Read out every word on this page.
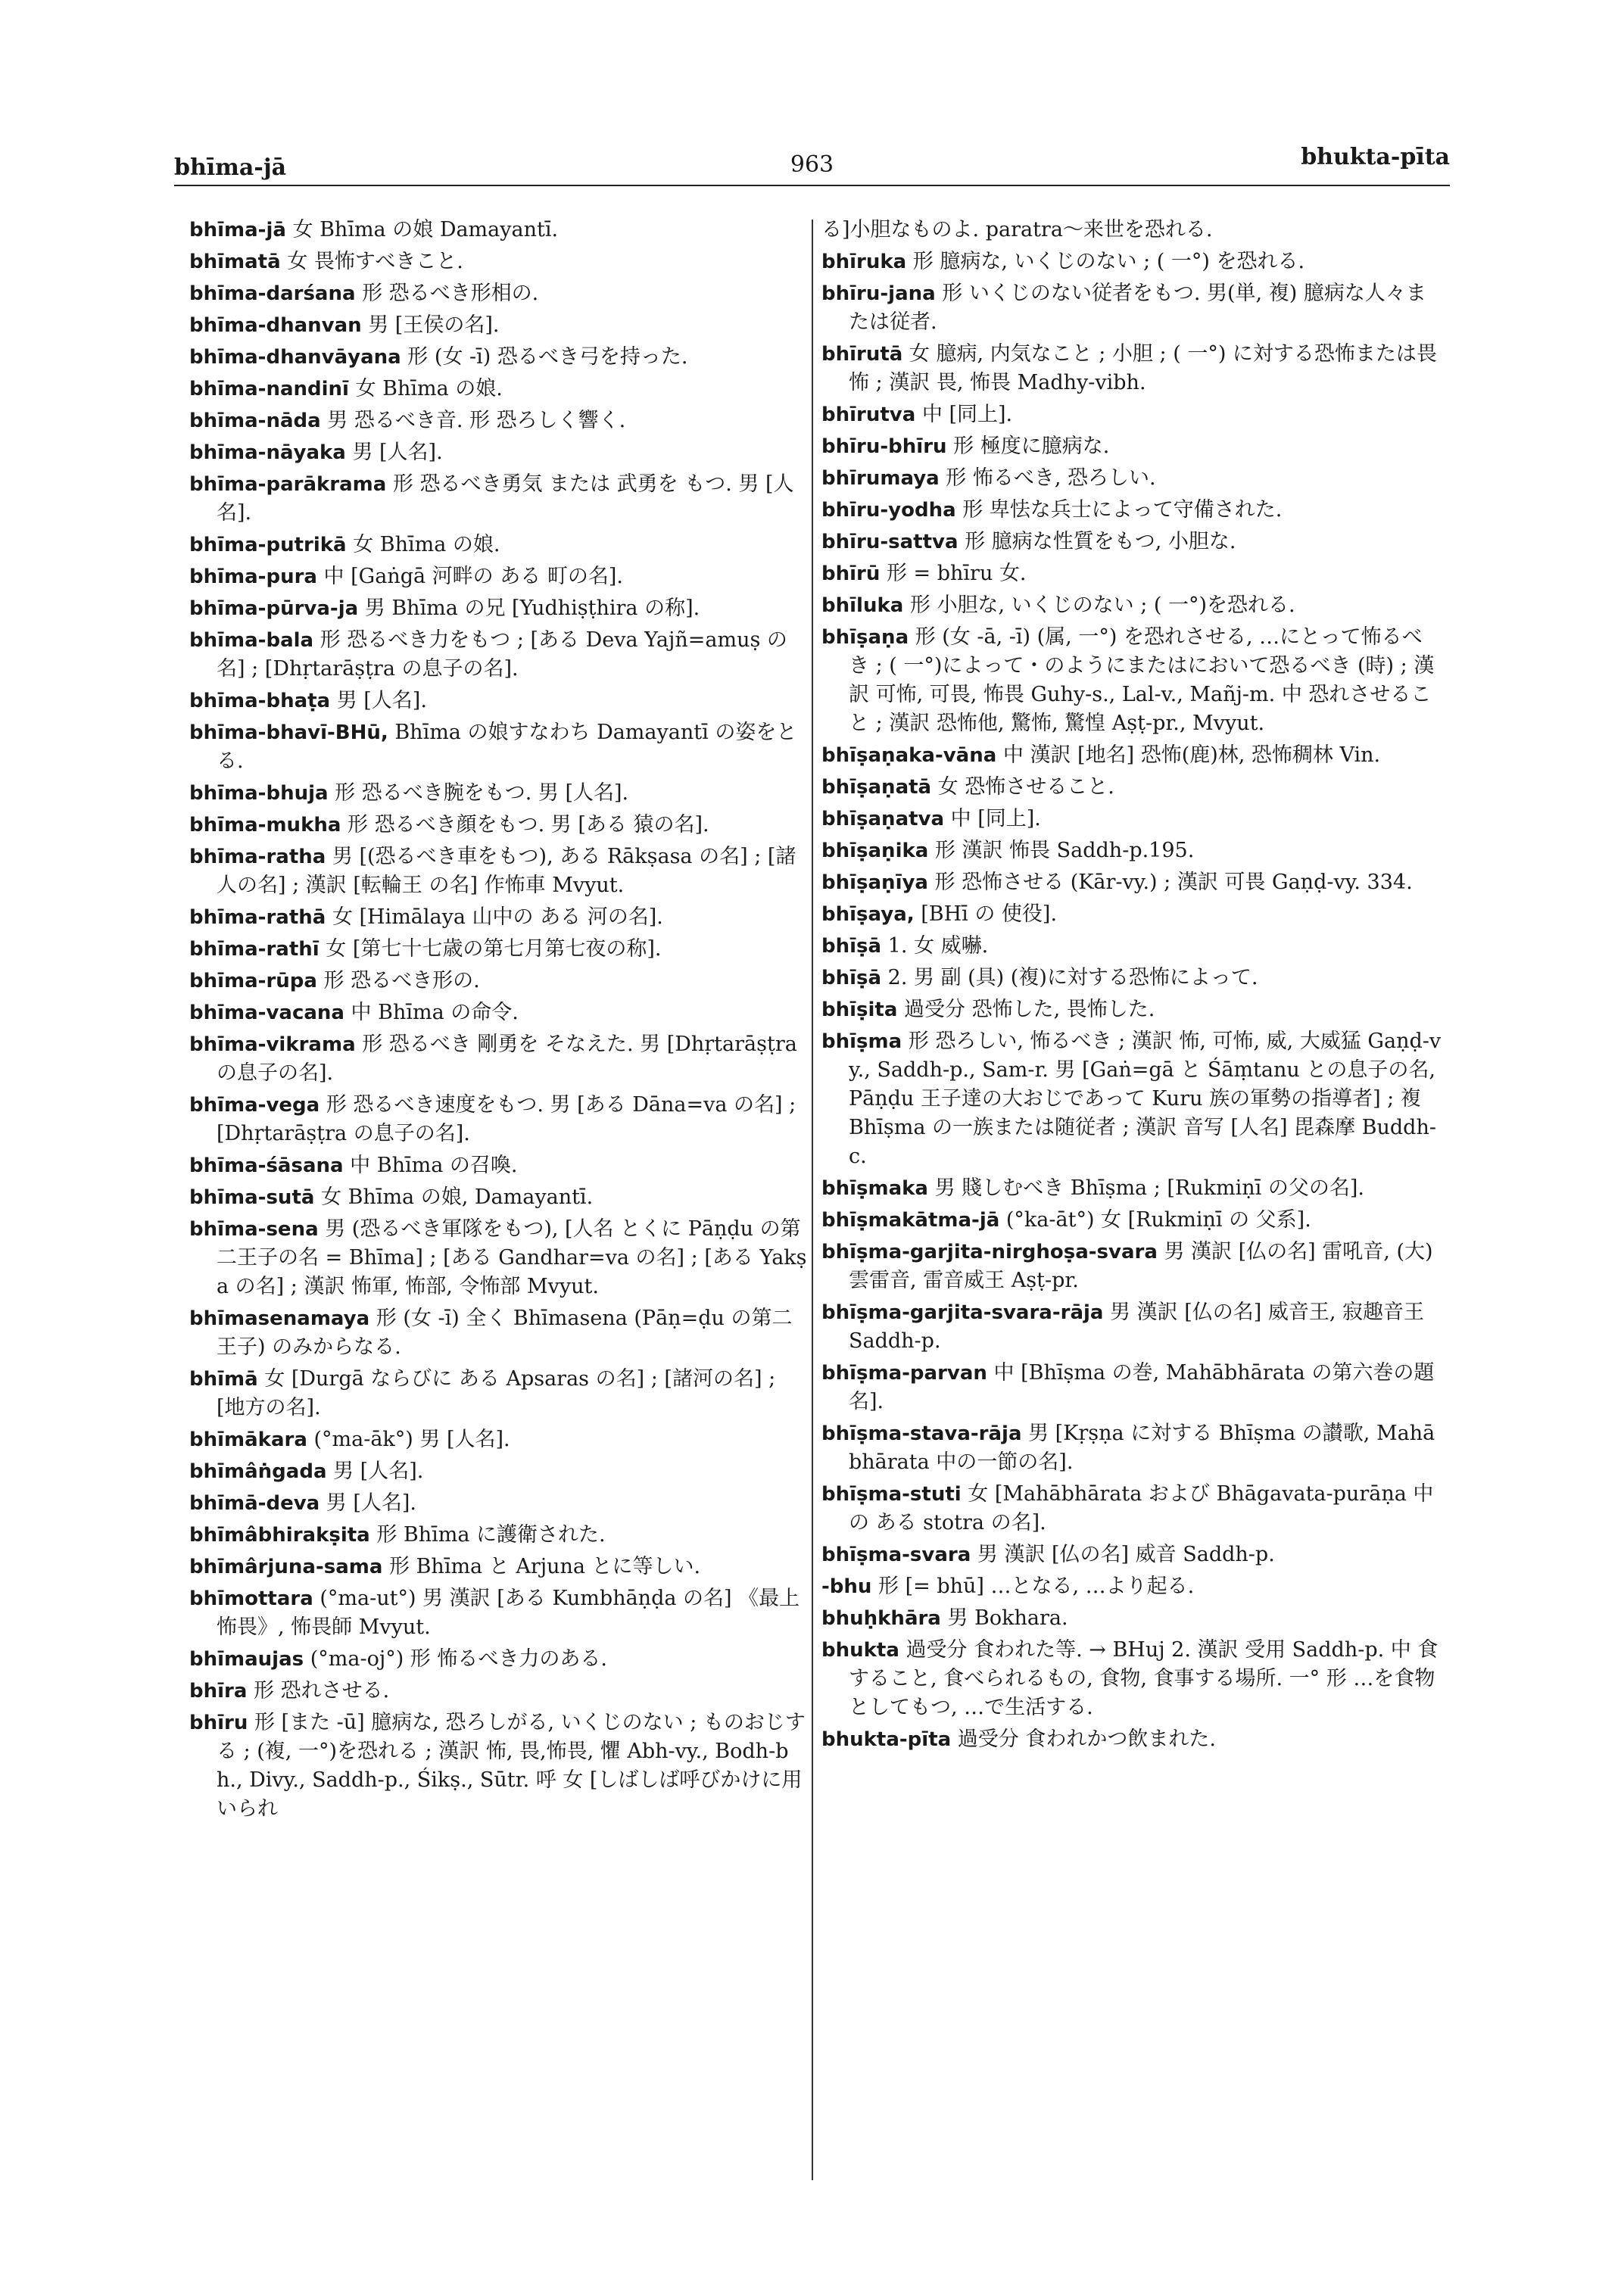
bhīma-jā	963	bhukta-pīta

bhīma-jā 女 Bhīma の娘 Damayantī.

bhīmatā 女 畏怖すべきこと.

bhīma-darśana 形 恐るべき形相の.

bhīma-dhanvan 男 [王侯の名].

bhīma-dhanvāyana 形 (女 -ī) 恐るべき弓を持った.

bhīma-nandinī 女 Bhīma の娘.

bhīma-nāda 男 恐るべき音. 形 恐ろしく響く.

bhīma-nāyaka 男 [人名].

bhīma-parākrama 形 恐るべき勇気 または 武勇を もつ. 男 [人名].

bhīma-putrikā 女 Bhīma の娘.

bhīma-pura 中 [Gaṅgā 河畔の ある 町の名].

bhīma-pūrva-ja 男 Bhīma の兄 [Yudhiṣṭhira の称].

bhīma-bala 形 恐るべき力をもつ ; [ある Deva Yajñ=amuṣ の名] ; [Dhṛtarāṣṭra の息子の名].

bhīma-bhaṭa 男 [人名].

bhīma-bhavī-BHū, Bhīma の娘すなわち Damayantī の姿をとる.

bhīma-bhuja 形 恐るべき腕をもつ. 男 [人名].

bhīma-mukha 形 恐るべき顔をもつ. 男 [ある 猿の名].

bhīma-ratha 男 [(恐るべき車をもつ), ある Rākṣasa の名] ; [諸人の名] ; 漢訳 [転輪王 の名] 作怖車 Mvyut.

bhīma-rathā 女 [Himālaya 山中の ある 河の名].

bhīma-rathī 女 [第七十七歳の第七月第七夜の称].

bhīma-rūpa 形 恐るべき形の.

bhīma-vacana 中 Bhīma の命令.

bhīma-vikrama 形 恐るべき 剛勇を そなえた. 男 [Dhṛtarāṣṭra の息子の名].

bhīma-vega 形 恐るべき速度をもつ. 男 [ある Dāna=va の名] ; [Dhṛtarāṣṭra の息子の名].

bhīma-śāsana 中 Bhīma の召喚.

bhīma-sutā 女 Bhīma の娘, Damayantī.

bhīma-sena 男 (恐るべき軍隊をもつ), [人名 とくに Pāṇḍu の第二王子の名 = Bhīma] ; [ある Gandhar=va の名] ; [ある Yakṣa の名] ; 漢訳 怖軍, 怖部, 令怖部 Mvyut.

bhīmasenamaya 形 (女 -ī) 全く Bhīmasena (Pāṇ=ḍu の第二王子) のみからなる.

bhīmā 女 [Durgā ならびに ある Apsaras の名] ; [諸河の名] ; [地方の名].

bhīmākara (°ma-āk°) 男 [人名].

bhīmâṅgada 男 [人名].

bhīmā-deva 男 [人名].

bhīmâbhirakṣita 形 Bhīma に護衛された.

bhīmârjuna-sama 形 Bhīma と Arjuna とに等しい.

bhīmottara (°ma-ut°) 男 漢訳 [ある Kumbhāṇḍa の名] 《最上怖畏》, 怖畏師 Mvyut.

bhīmaujas (°ma-oj°) 形 怖るべき力のある.

bhīra 形 恐れさせる.

bhīru 形 [また -ū] 臆病な, 恐ろしがる, いくじのない ; ものおじする ; (複, 一°)を恐れる ; 漢訳 怖, 畏,怖畏, 懼 Abh-vy., Bodh-bh., Divy., Saddh-p., Śikṣ., Sūtr. 呼 女 [しばしば呼びかけに用いられ

る]小胆なものよ. paratra～来世を恐れる.

bhīruka 形 臆病な, いくじのない ; ( 一°) を恐れる.

bhīru-jana 形 いくじのない従者をもつ. 男(単, 複) 臆病な人々または従者.

bhīrutā 女 臆病, 内気なこと ; 小胆 ; ( 一°) に対する恐怖または畏怖 ; 漢訳 畏, 怖畏 Madhy-vibh.

bhīrutva 中 [同上].

bhīru-bhīru 形 極度に臆病な.

bhīrumaya 形 怖るべき, 恐ろしい.

bhīru-yodha 形 卑怯な兵士によって守備された.

bhīru-sattva 形 臆病な性質をもつ, 小胆な.

bhīrū 形 = bhīru 女.

bhīluka 形 小胆な, いくじのない ; ( 一°)を恐れる.

bhīṣaṇa 形 (女 -ā, -ī) (属, 一°) を恐れさせる, …にとって怖るべき ; ( 一°)によって・のようにまたはにおいて恐るべき (時) ; 漢訳 可怖, 可畏, 怖畏 Guhy-s., Lal-v., Mañj-m. 中 恐れさせること ; 漢訳 恐怖他, 驚怖, 驚惶 Aṣṭ-pr., Mvyut.

bhīṣaṇaka-vāna 中 漢訳 [地名] 恐怖(鹿)林, 恐怖稠林 Vin.

bhīṣaṇatā 女 恐怖させること.

bhīṣaṇatva 中 [同上].

bhīṣaṇika 形 漢訳 怖畏 Saddh-p.195.

bhīṣaṇīya 形 恐怖させる (Kār-vy.) ; 漢訳 可畏 Gaṇḍ-vy. 334.

bhīṣaya, [BHī の 使役].

bhīṣā 1. 女 威嚇.

bhīṣā 2. 男 副 (具) (複)に対する恐怖によって.

bhīṣita 過受分 恐怖した, 畏怖した.

bhīṣma 形 恐ろしい, 怖るべき ; 漢訳 怖, 可怖, 威, 大威猛 Gaṇḍ-vy., Saddh-p., Sam-r. 男 [Gaṅ=gā と Śāṃtanu との息子の名, Pāṇḍu 王子達の大おじであって Kuru 族の軍勢の指導者] ; 複 Bhīṣma の一族または随従者 ; 漢訳 音写 [人名] 毘森摩 Buddh-c.

bhīṣmaka 男 賤しむべき Bhīṣma ; [Rukmiṇī の父の名].

bhīṣmakātma-jā (°ka-āt°) 女 [Rukmiṇī の 父系].

bhīṣma-garjita-nirghoṣa-svara 男 漢訳 [仏の名] 雷吼音, (大) 雲雷音, 雷音威王 Aṣṭ-pr.

bhīṣma-garjita-svara-rāja 男 漢訳 [仏の名] 威音王, 寂趣音王 Saddh-p.

bhīṣma-parvan 中 [Bhīṣma の巻, Mahābhārata の第六巻の題名].

bhīṣma-stava-rāja 男 [Kṛṣṇa に対する Bhīṣma の讃歌, Mahābhārata 中の一節の名].

bhīṣma-stuti 女 [Mahābhārata および Bhāgavata-purāṇa 中の ある stotra の名].

bhīṣma-svara 男 漢訳 [仏の名] 威音 Saddh-p.

-bhu 形 [= bhū] …となる, …より起る.

bhuḥkhāra 男 Bokhara.

bhukta 過受分 食われた等. → BHuj 2. 漢訳 受用 Saddh-p. 中 食すること, 食べられるもの, 食物, 食事する場所. 一° 形 …を食物としてもつ, …で生活する.

bhukta-pīta 過受分 食われかつ飲まれた.
